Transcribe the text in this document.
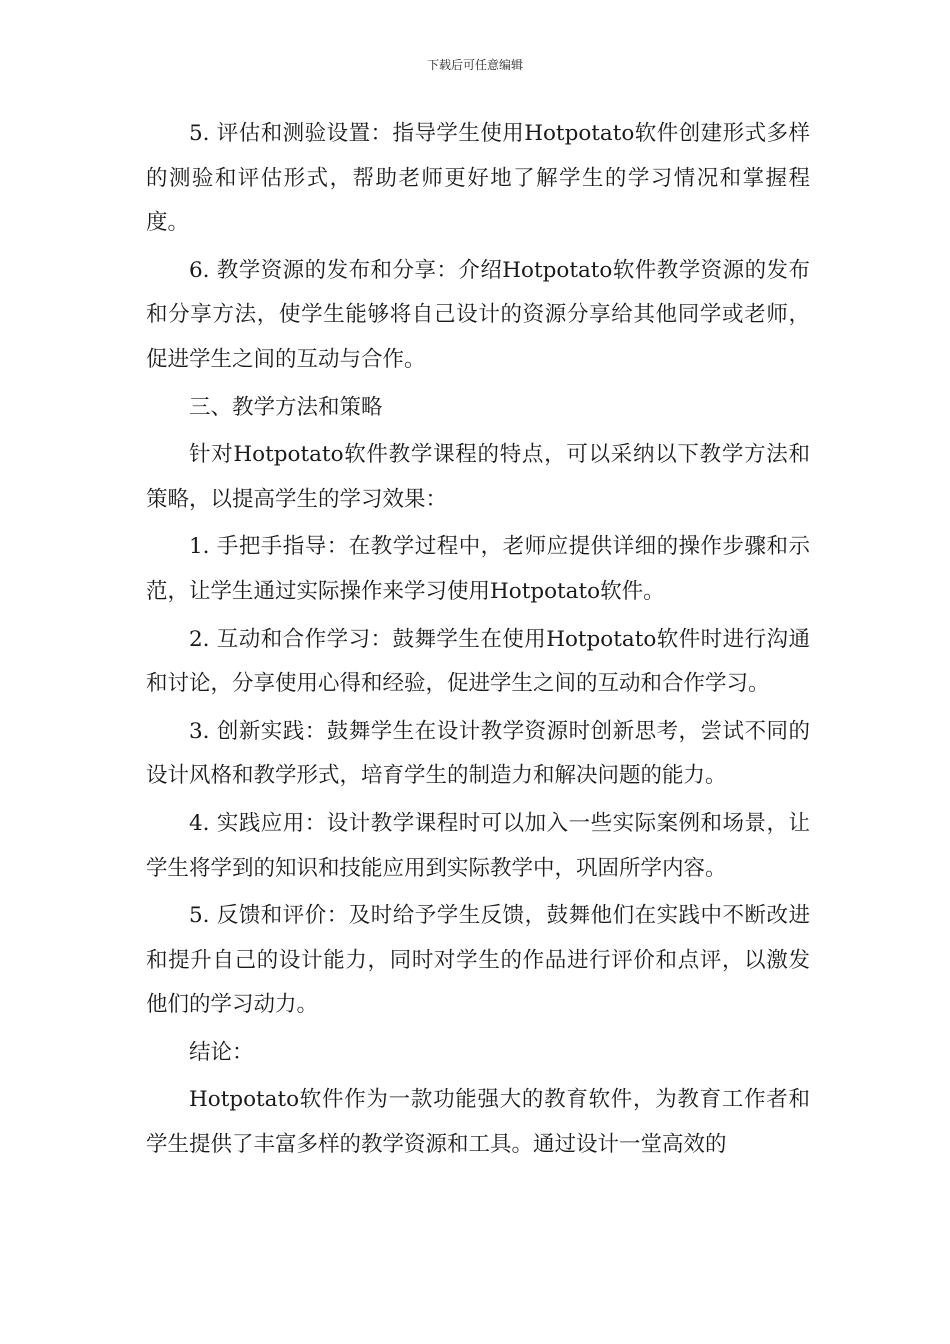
下载后可任意编辑

5. 评估和测验设置：指导学生使用Hotpotato软件创建形式多样的测验和评估形式，帮助老师更好地了解学生的学习情况和掌握程度。

6. 教学资源的发布和分享：介绍Hotpotato软件教学资源的发布和分享方法，使学生能够将自己设计的资源分享给其他同学或老师，促进学生之间的互动与合作。

三、教学方法和策略

针对Hotpotato软件教学课程的特点，可以采纳以下教学方法和策略，以提高学生的学习效果：

1. 手把手指导：在教学过程中，老师应提供详细的操作步骤和示范，让学生通过实际操作来学习使用Hotpotato软件。

2. 互动和合作学习：鼓舞学生在使用Hotpotato软件时进行沟通和讨论，分享使用心得和经验，促进学生之间的互动和合作学习。

3. 创新实践：鼓舞学生在设计教学资源时创新思考，尝试不同的设计风格和教学形式，培育学生的制造力和解决问题的能力。

4. 实践应用：设计教学课程时可以加入一些实际案例和场景，让学生将学到的知识和技能应用到实际教学中，巩固所学内容。

5. 反馈和评价：及时给予学生反馈，鼓舞他们在实践中不断改进和提升自己的设计能力，同时对学生的作品进行评价和点评，以激发他们的学习动力。

结论：

Hotpotato软件作为一款功能强大的教育软件，为教育工作者和学生提供了丰富多样的教学资源和工具。通过设计一堂高效的
